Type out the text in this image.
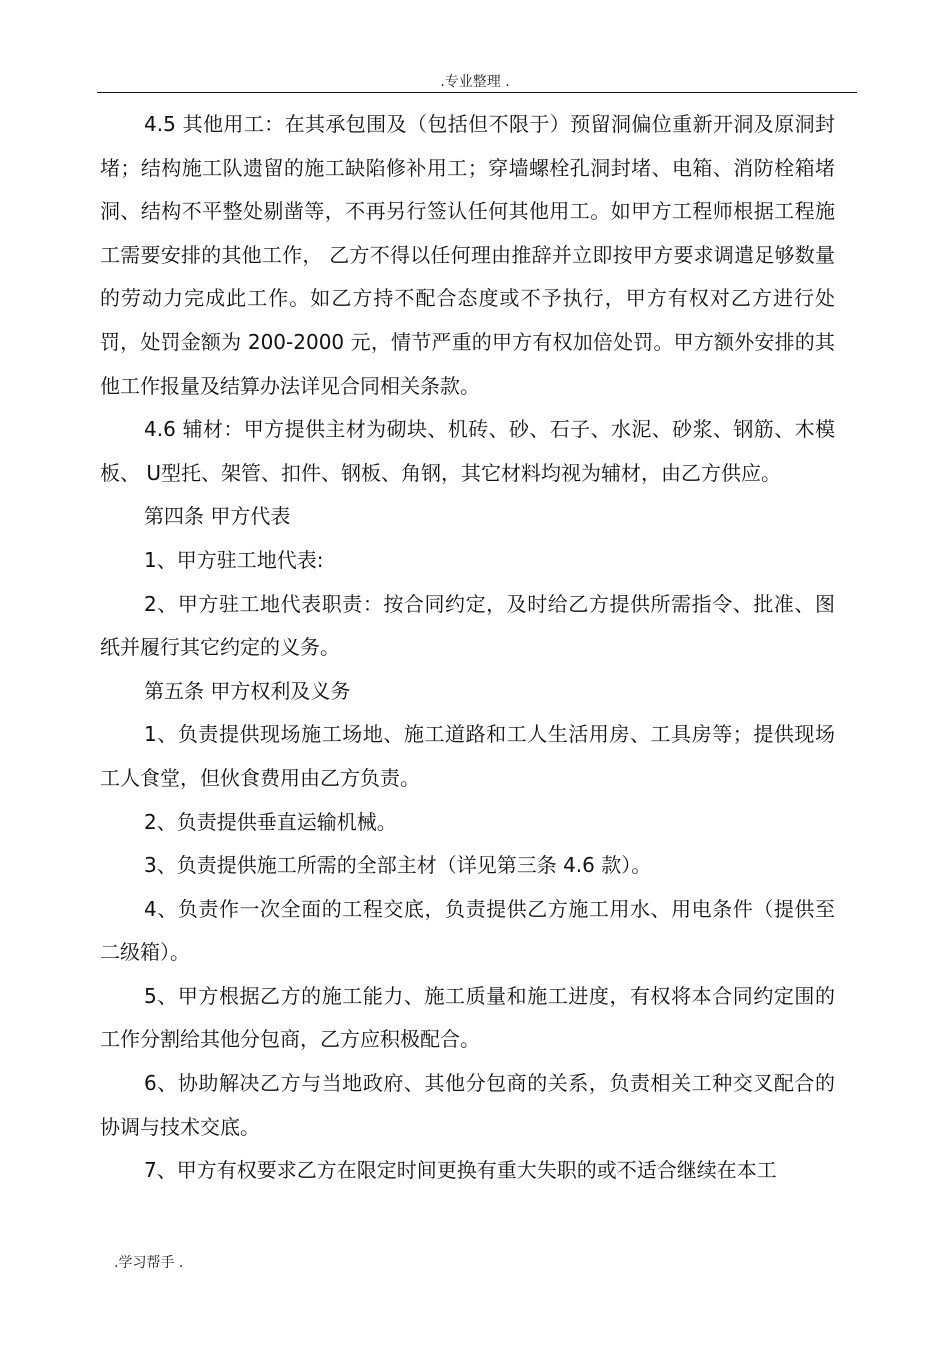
.专业整理 .

4.5 其他用工：在其承包围及（包括但不限于）预留洞偏位重新开洞及原洞封堵；结构施工队遗留的施工缺陷修补用工；穿墙螺栓孔洞封堵、电箱、消防栓箱堵洞、结构不平整处剔凿等，不再另行签认任何其他用工。如甲方工程师根据工程施工需要安排的其他工作， 乙方不得以任何理由推辞并立即按甲方要求调遣足够数量的劳动力完成此工作。如乙方持不配合态度或不予执行，甲方有权对乙方进行处罚，处罚金额为 200-2000 元，情节严重的甲方有权加倍处罚。甲方额外安排的其他工作报量及结算办法详见合同相关条款。

4.6 辅材：甲方提供主材为砌块、机砖、砂、石子、水泥、砂浆、钢筋、木模板、 U型托、架管、扣件、钢板、角钢，其它材料均视为辅材，由乙方供应。

第四条 甲方代表

1、甲方驻工地代表:

2、甲方驻工地代表职责：按合同约定，及时给乙方提供所需指令、批准、图纸并履行其它约定的义务。

第五条 甲方权利及义务

1、负责提供现场施工场地、施工道路和工人生活用房、工具房等；提供现场工人食堂，但伙食费用由乙方负责。

2、负责提供垂直运输机械。

3、负责提供施工所需的全部主材（详见第三条 4.6 款）。

4、负责作一次全面的工程交底，负责提供乙方施工用水、用电条件（提供至二级箱）。

5、甲方根据乙方的施工能力、施工质量和施工进度，有权将本合同约定围的工作分割给其他分包商，乙方应积极配合。

6、协助解决乙方与当地政府、其他分包商的关系，负责相关工种交叉配合的协调与技术交底。

7、甲方有权要求乙方在限定时间更换有重大失职的或不适合继续在本工

.学习帮手 .
